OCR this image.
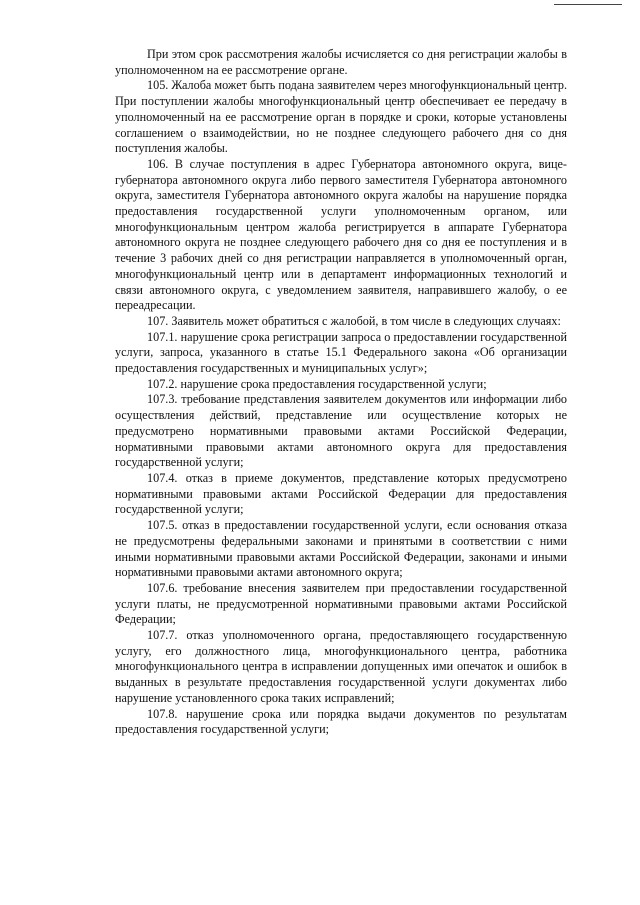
При этом срок рассмотрения жалобы исчисляется со дня регистрации жалобы в уполномоченном на ее рассмотрение органе.

105. Жалоба может быть подана заявителем через многофункциональный центр. При поступлении жалобы многофункциональный центр обеспечивает ее передачу в уполномоченный на ее рассмотрение орган в порядке и сроки, которые установлены соглашением о взаимодействии, но не позднее следующего рабочего дня со дня поступления жалобы.

106. В случае поступления в адрес Губернатора автономного округа, вице-губернатора автономного округа либо первого заместителя Губернатора автономного округа, заместителя Губернатора автономного округа жалобы на нарушение порядка предоставления государственной услуги уполномоченным органом, или многофункциональным центром жалоба регистрируется в аппарате Губернатора автономного округа не позднее следующего рабочего дня со дня ее поступления и в течение 3 рабочих дней со дня регистрации направляется в уполномоченный орган, многофункциональный центр или в департамент информационных технологий и связи автономного округа, с уведомлением заявителя, направившего жалобу, о ее переадресации.

107. Заявитель может обратиться с жалобой, в том числе в следующих случаях:

107.1. нарушение срока регистрации запроса о предоставлении государственной услуги, запроса, указанного в статье 15.1 Федерального закона «Об организации предоставления государственных и муниципальных услуг»;

107.2. нарушение срока предоставления государственной услуги;

107.3. требование представления заявителем документов или информации либо осуществления действий, представление или осуществление которых не предусмотрено нормативными правовыми актами Российской Федерации, нормативными правовыми актами автономного округа для предоставления государственной услуги;

107.4. отказ в приеме документов, представление которых предусмотрено нормативными правовыми актами Российской Федерации для предоставления государственной услуги;

107.5. отказ в предоставлении государственной услуги, если основания отказа не предусмотрены федеральными законами и принятыми в соответствии с ними иными нормативными правовыми актами Российской Федерации, законами и иными нормативными правовыми актами автономного округа;

107.6. требование внесения заявителем при предоставлении государственной услуги платы, не предусмотренной нормативными правовыми актами Российской Федерации;

107.7. отказ уполномоченного органа, предоставляющего государственную услугу, его должностного лица, многофункционального центра, работника многофункционального центра в исправлении допущенных ими опечаток и ошибок в выданных в результате предоставления государственной услуги документах либо нарушение установленного срока таких исправлений;

107.8. нарушение срока или порядка выдачи документов по результатам предоставления государственной услуги;
